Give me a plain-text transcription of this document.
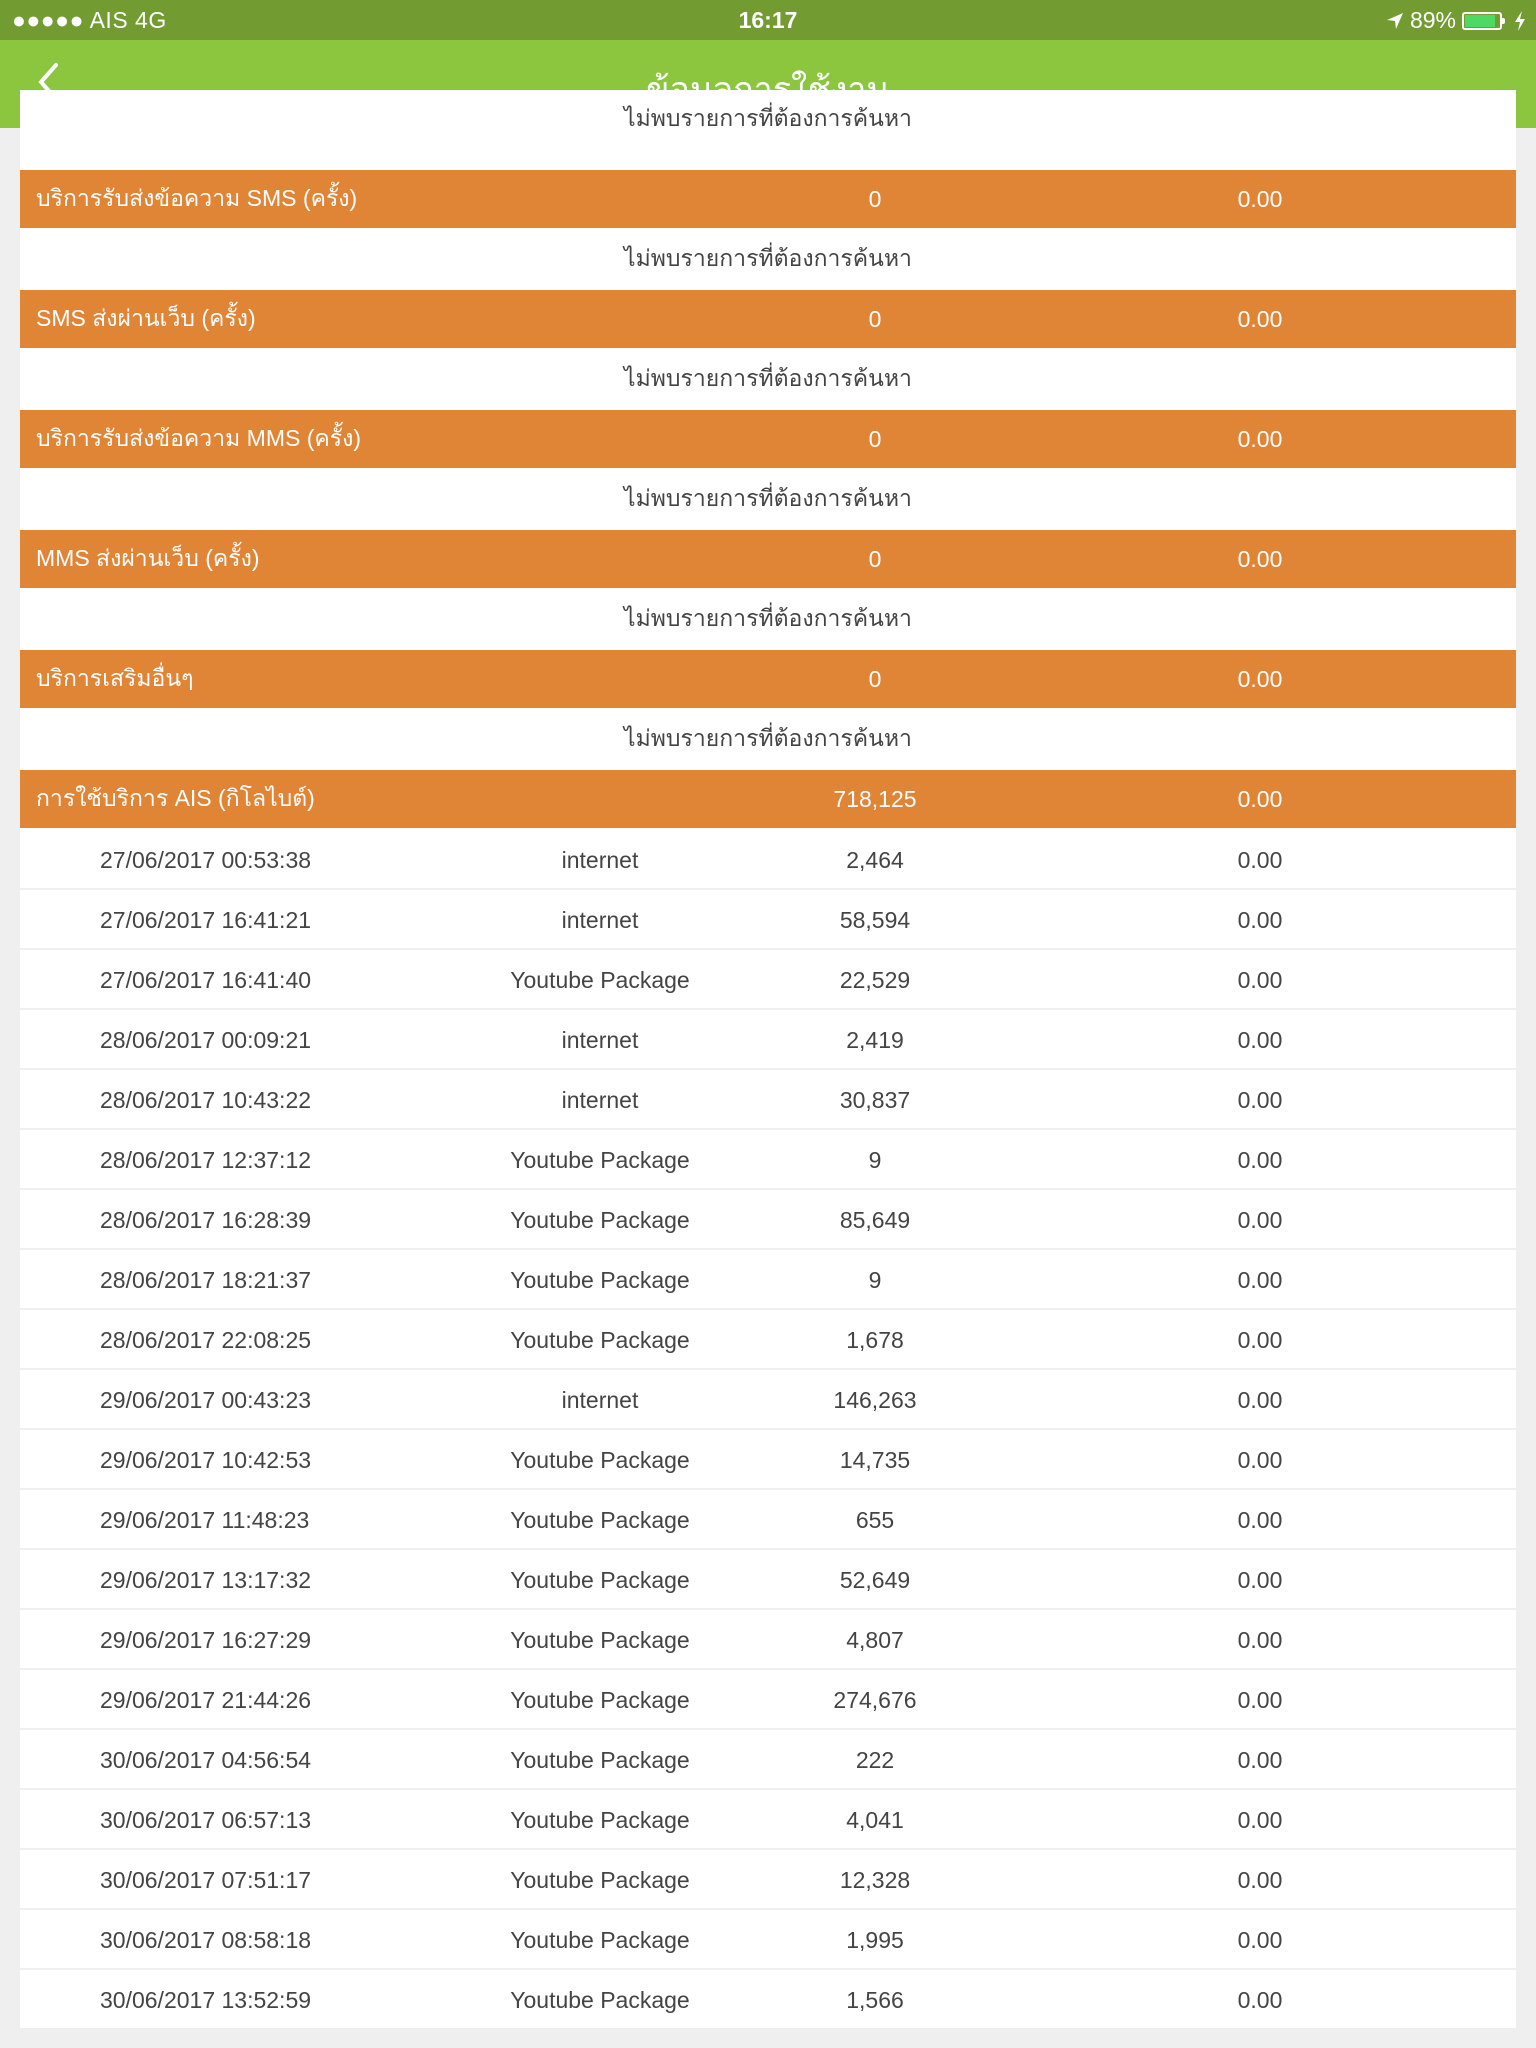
●●●●● AIS 4G	16:17	89%
ไม่พบรายการที่ต้องการค้นหา
บริการรับส่งข้อความ SMS (ครั้ง)	0	0.00
ไม่พบรายการที่ต้องการค้นหา
SMS ส่งผ่านเว็บ (ครั้ง)	0	0.00
ไม่พบรายการที่ต้องการค้นหา
บริการรับส่งข้อความ MMS (ครั้ง)	0	0.00
ไม่พบรายการที่ต้องการค้นหา
MMS ส่งผ่านเว็บ (ครั้ง)	0	0.00
ไม่พบรายการที่ต้องการค้นหา
บริการเสริมอื่นๆ	0	0.00
ไม่พบรายการที่ต้องการค้นหา
การใช้บริการ AIS (กิโลไบต์)	718,125	0.00
27/06/2017 00:53:38	internet	2,464	0.00
27/06/2017 16:41:21	internet	58,594	0.00
27/06/2017 16:41:40	Youtube Package	22,529	0.00
28/06/2017 00:09:21	internet	2,419	0.00
28/06/2017 10:43:22	internet	30,837	0.00
28/06/2017 12:37:12	Youtube Package	9	0.00
28/06/2017 16:28:39	Youtube Package	85,649	0.00
28/06/2017 18:21:37	Youtube Package	9	0.00
28/06/2017 22:08:25	Youtube Package	1,678	0.00
29/06/2017 00:43:23	internet	146,263	0.00
29/06/2017 10:42:53	Youtube Package	14,735	0.00
29/06/2017 11:48:23	Youtube Package	655	0.00
29/06/2017 13:17:32	Youtube Package	52,649	0.00
29/06/2017 16:27:29	Youtube Package	4,807	0.00
29/06/2017 21:44:26	Youtube Package	274,676	0.00
30/06/2017 04:56:54	Youtube Package	222	0.00
30/06/2017 06:57:13	Youtube Package	4,041	0.00
30/06/2017 07:51:17	Youtube Package	12,328	0.00
30/06/2017 08:58:18	Youtube Package	1,995	0.00
30/06/2017 13:52:59	Youtube Package	1,566	0.00
